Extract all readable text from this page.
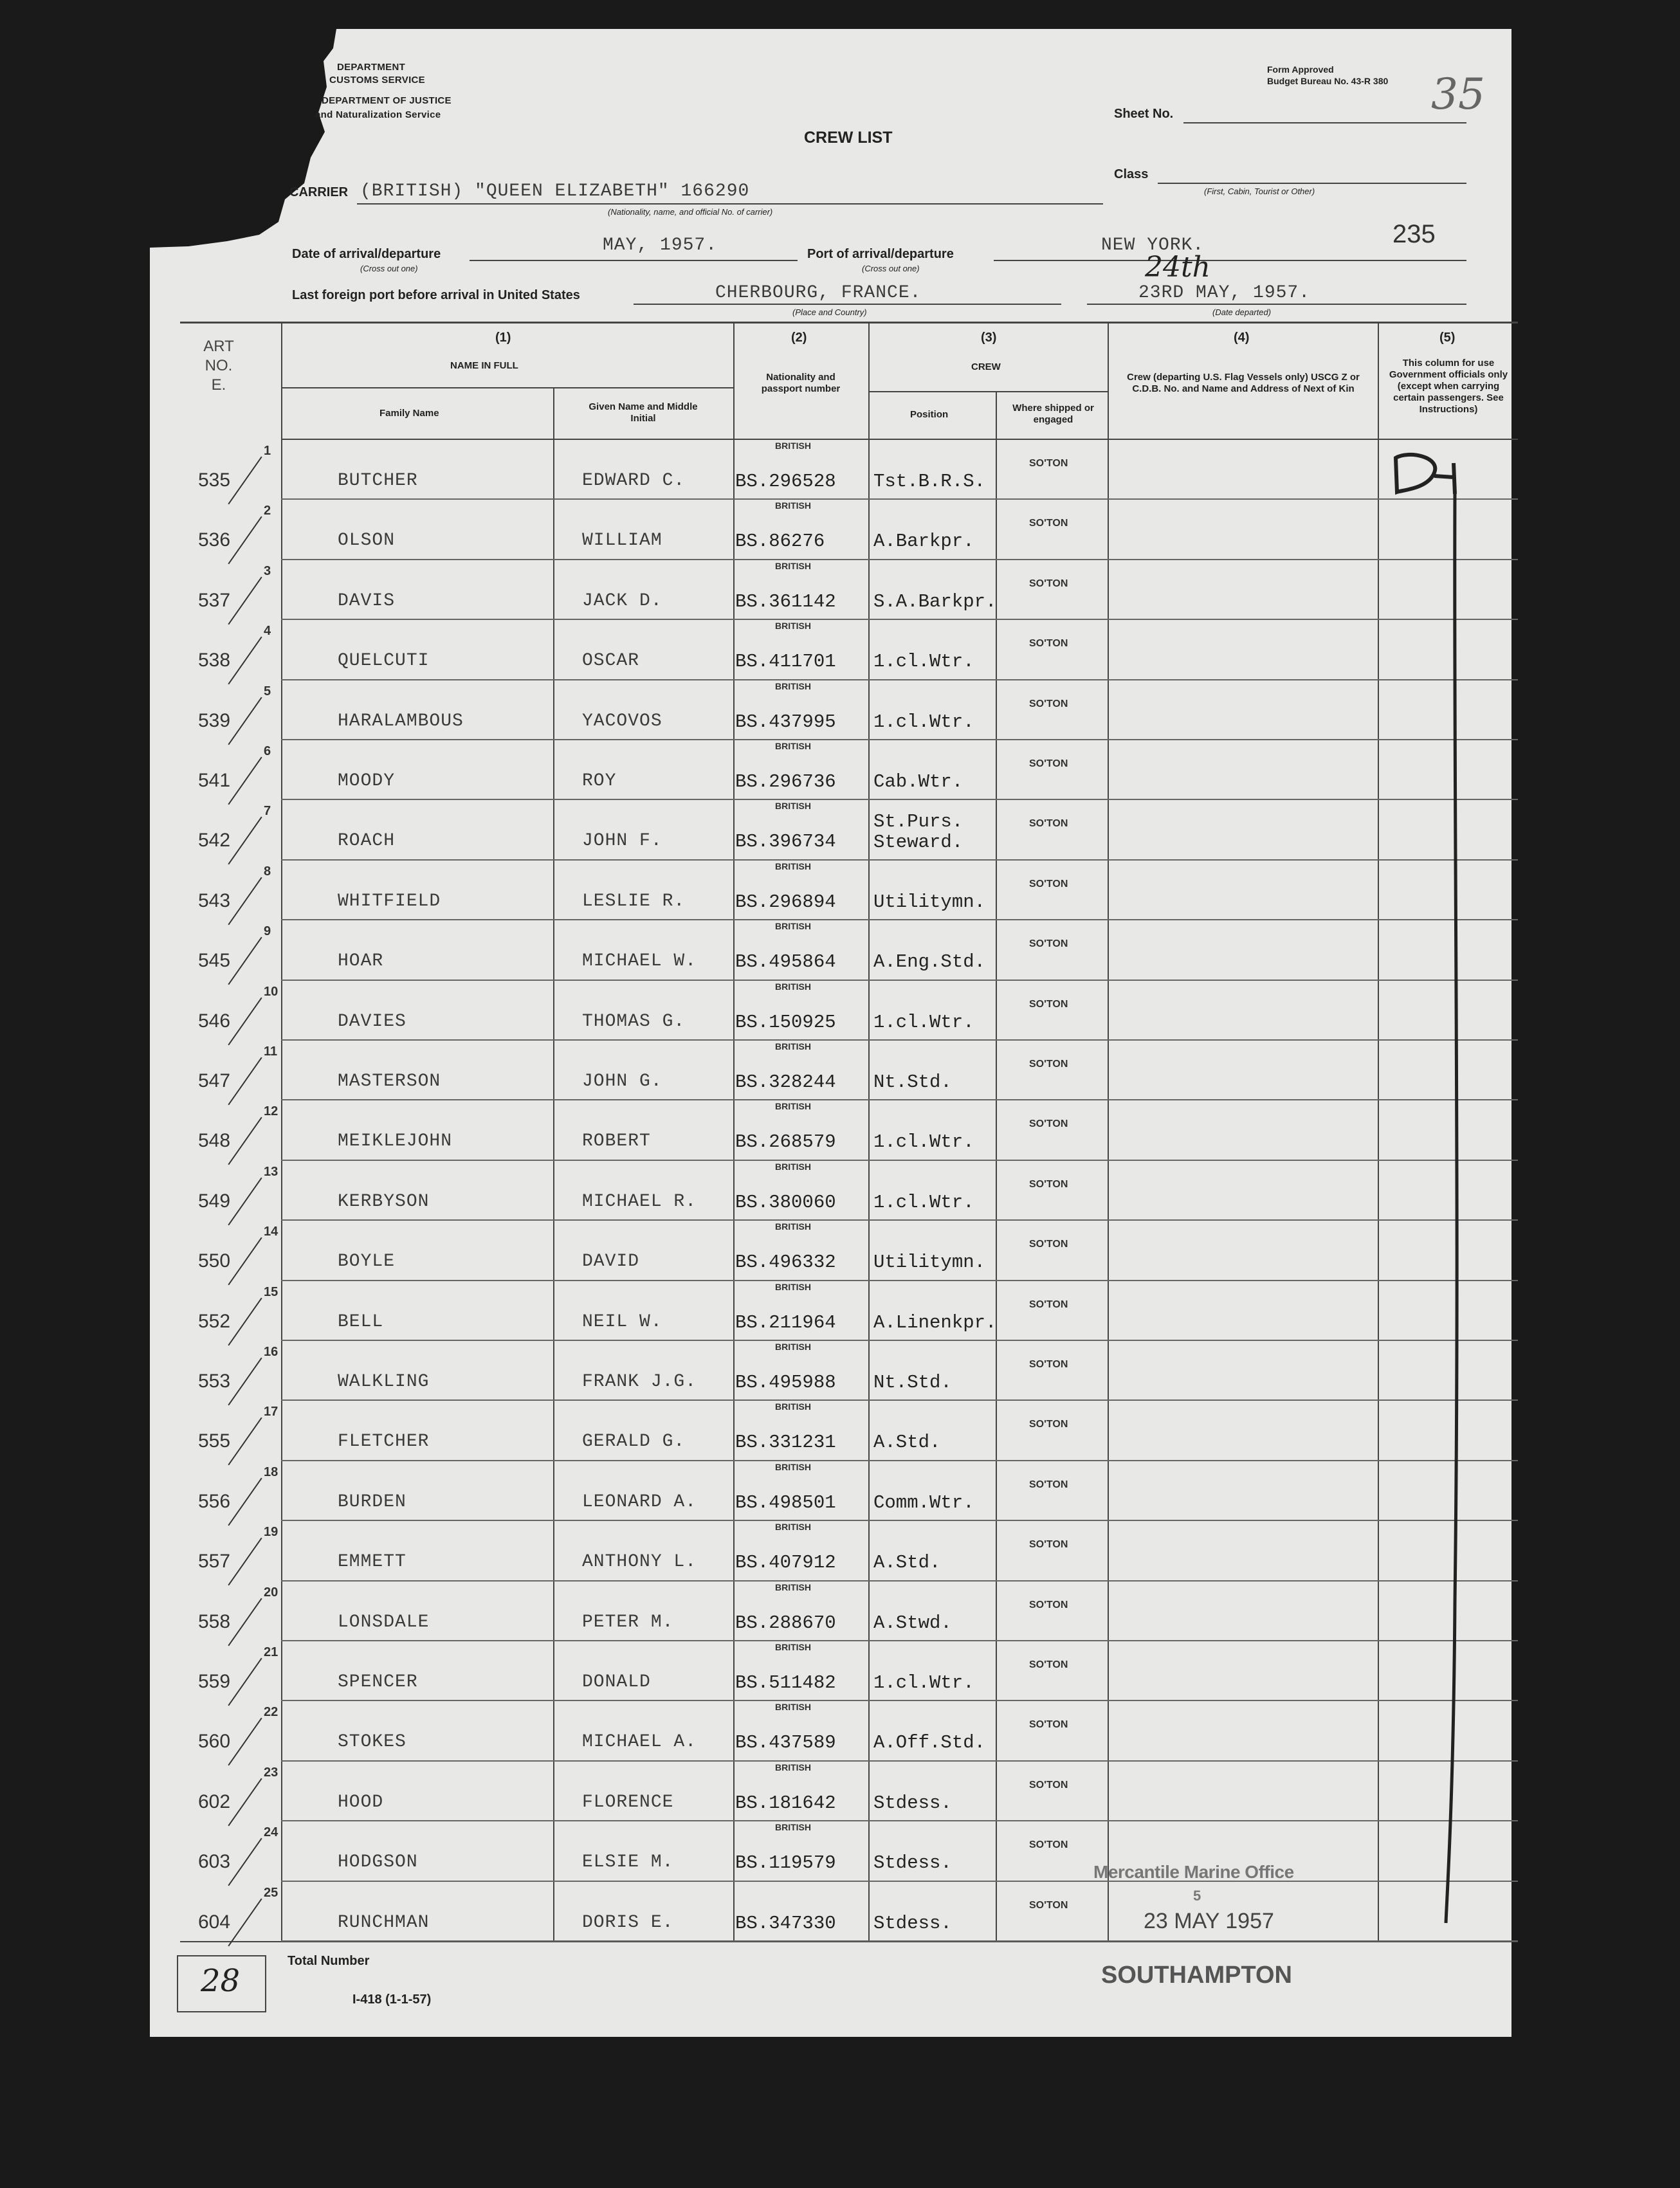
DEPARTMENT
CUSTOMS SERVICE
DEPARTMENT OF JUSTICE
and Naturalization Service
Form Approved
Budget Bureau No. 43-R 380 35
Sheet No.
CREW LIST
Class
(First, Cabin, Tourist or Other)
CARRIER (BRITISH) "QUEEN ELIZABETH" 166290
(Nationality, name, and official No. of carrier)
235
Date of arrival/departure
(Cross out one)
MAY, 1957.	Port of arrival/departure
(Cross out one)
NEW YORK.
Last foreign port before arrival in United States	CHERBOURG, FRANCE.
(Place and Country)
23RD MAY, 1957.
24th
(Date departed)
ART NO. E.
(1)
NAME IN FULL
Family Name
Given Name and Middle Initial
(2)
Nationality and passport number
(3)
CREW
Position
Where shipped or engaged
(4)
Crew (departing U.S. Flag Vessels only) USCG Z or C.D.B. No. and Name and Address of Next of Kin
(5)
This column for use Government officials only (except when carrying certain passengers. See Instructions)
535
1
BUTCHER	EDWARD C.
BRITISH
BS.296528 Tst.B.R.S.
SO'TON
536
2
OLSON	WILLIAM
BRITISH
BS.86276	A.Barkpr.
SO'TON
537
3
DAVIS	JACK D.
BRITISH
BS.361142 S.A.Barkpr.
SO'TON
538
4
QUELCUTI	OSCAR
BRITISH
BS.411701 1.cl.Wtr.
SO'TON
539
5
HARALAMBOUS	YACOVOS
BRITISH
BS.437995 1.cl.Wtr.
SO'TON
541
6
MOODY	ROY
BRITISH
BS.296736 Cab.Wtr.
SO'TON
542
7
ROACH	JOHN F.
BRITISH
BS.396734
St.Purs. Steward.
SO'TON
543
8
WHITFIELD	LESLIE R.
BRITISH
BS.296894 Utilitymn.
SO'TON
545
9
HOAR	MICHAEL W.
BRITISH
BS.495864 A.Eng.Std.
SO'TON
546
10
DAVIES	THOMAS G.
BRITISH
BS.150925 1.cl.Wtr.
SO'TON
547
11
MASTERSON	JOHN G.
BRITISH
BS.328244 Nt.Std.
SO'TON
548
12
MEIKLEJOHN	ROBERT
BRITISH
BS.268579 1.cl.Wtr.
SO'TON
549
13
KERBYSON	MICHAEL R.
BRITISH
BS.380060 1.cl.Wtr.
SO'TON
550
14
BOYLE	DAVID
BRITISH
BS.496332 Utilitymn.
SO'TON
552
15
BELL	NEIL W.
BRITISH
BS.211964 A.Linenkpr.
SO'TON
553
16
WALKLING	FRANK J.G.
BRITISH
BS.495988 Nt.Std.
SO'TON
555
17
FLETCHER	GERALD G.
BRITISH
BS.331231 A.Std.
SO'TON
556
18
BURDEN	LEONARD A.
BRITISH
BS.498501 Comm.Wtr.
SO'TON
557
19
EMMETT	ANTHONY L.
BRITISH
BS.407912 A.Std.
SO'TON
558
20
LONSDALE	PETER M.
BRITISH
BS.288670 A.Stwd.
SO'TON
559
21
SPENCER	DONALD
BRITISH
BS.511482 1.cl.Wtr.
SO'TON
560
22
STOKES	MICHAEL A.
BRITISH
BS.437589 A.Off.Std.
SO'TON
602
23
HOOD	FLORENCE
BRITISH
BS.181642 Stdess.
SO'TON
603
24
HODGSON	ELSIE M.
BRITISH
BS.119579 Stdess.
SO'TON
604
25
RUNCHMAN	DORIS E.	BS.347330 Stdess.
SO'TON
28
Total Number
I-418 (1-1-57)
Mercantile Marine Office
5
23 MAY 1957
SOUTHAMPTON
